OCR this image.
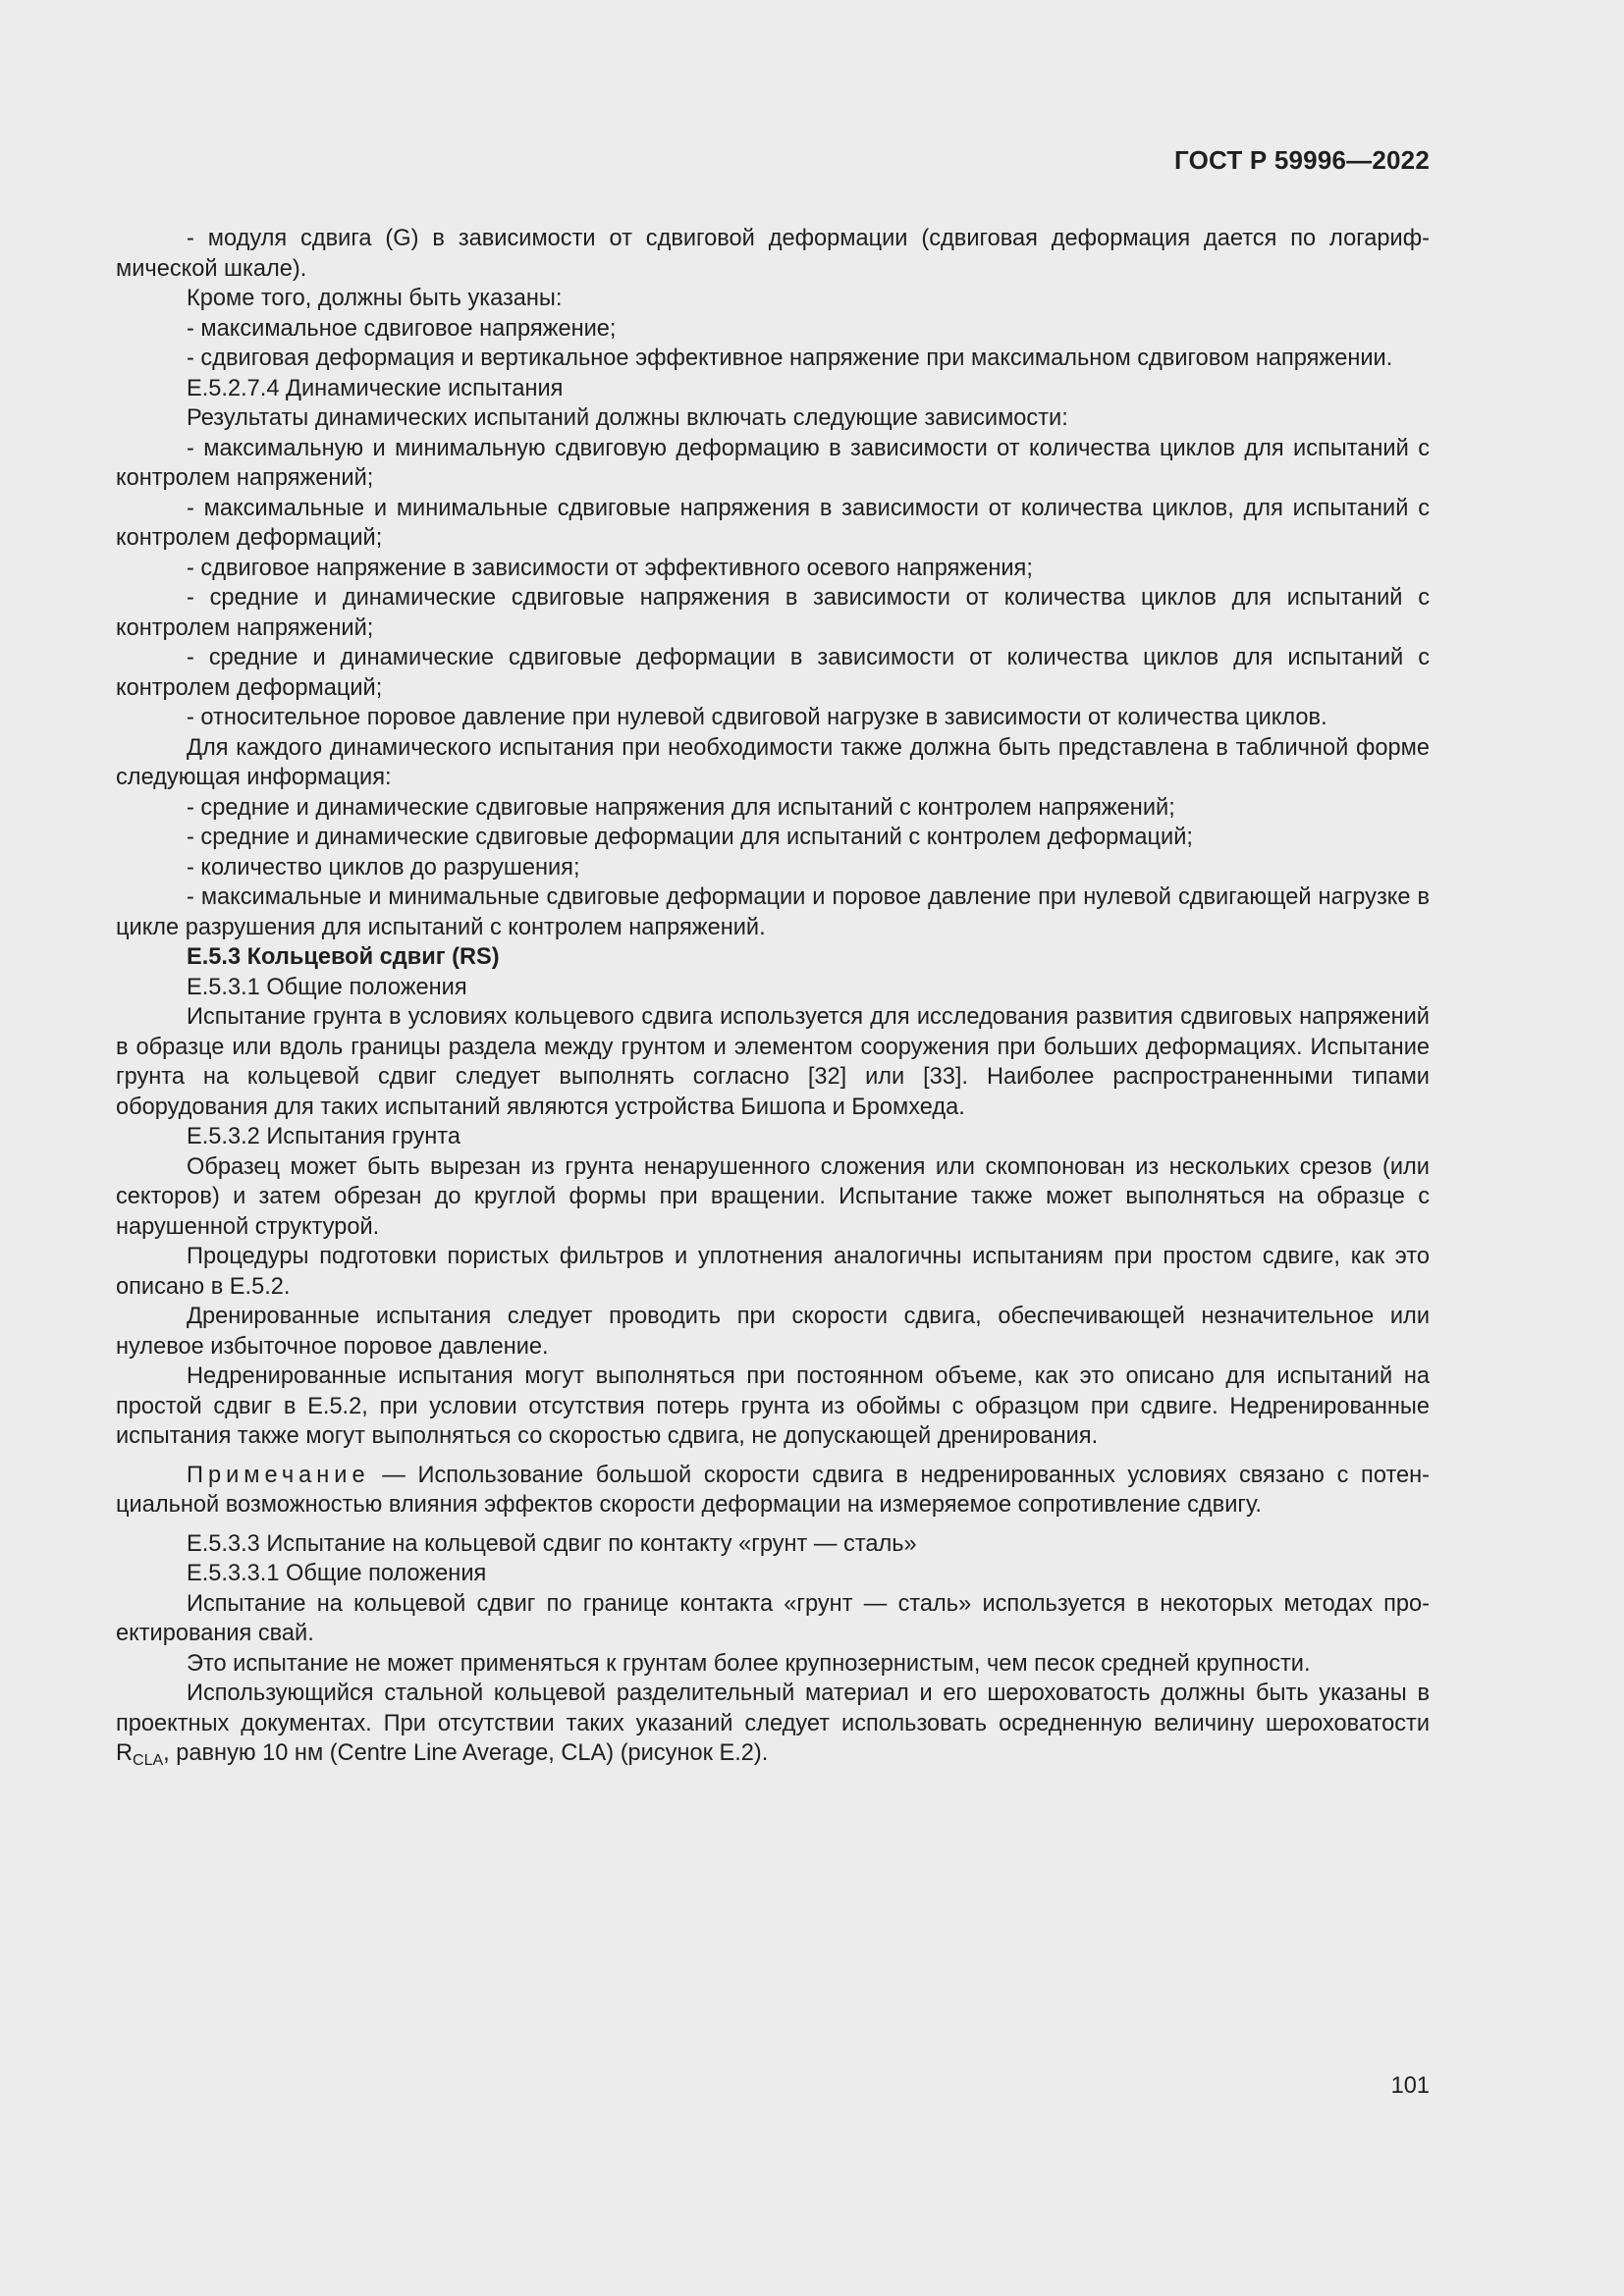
ГОСТ Р 59996—2022

- модуля сдвига (G) в зависимости от сдвиговой деформации (сдвиговая деформация дается по логарифмической шкале).

Кроме того, должны быть указаны:

- максимальное сдвиговое напряжение;

- сдвиговая деформация и вертикальное эффективное напряжение при максимальном сдвиговом напряжении.

Е.5.2.7.4 Динамические испытания

Результаты динамических испытаний должны включать следующие зависимости:

- максимальную и минимальную сдвиговую деформацию в зависимости от количества циклов для испытаний с контролем напряжений;

- максимальные и минимальные сдвиговые напряжения в зависимости от количества циклов, для испытаний с контролем деформаций;

- сдвиговое напряжение в зависимости от эффективного осевого напряжения;

- средние и динамические сдвиговые напряжения в зависимости от количества циклов для испытаний с контролем напряжений;

- средние и динамические сдвиговые деформации в зависимости от количества циклов для испытаний с контролем деформаций;

- относительное поровое давление при нулевой сдвиговой нагрузке в зависимости от количества циклов.

Для каждого динамического испытания при необходимости также должна быть представлена в табличной форме следующая информация:

- средние и динамические сдвиговые напряжения для испытаний с контролем напряжений;

- средние и динамические сдвиговые деформации для испытаний с контролем деформаций;

- количество циклов до разрушения;

- максимальные и минимальные сдвиговые деформации и поровое давление при нулевой сдвигающей нагрузке в цикле разрушения для испытаний с контролем напряжений.

Е.5.3 Кольцевой сдвиг (RS)

Е.5.3.1 Общие положения

Испытание грунта в условиях кольцевого сдвига используется для исследования развития сдвиговых напряжений в образце или вдоль границы раздела между грунтом и элементом сооружения при больших деформациях. Испытание грунта на кольцевой сдвиг следует выполнять согласно [32] или [33]. Наиболее распространенными типами оборудования для таких испытаний являются устройства Бишопа и Бромхеда.

Е.5.3.2 Испытания грунта

Образец может быть вырезан из грунта ненарушенного сложения или скомпонован из нескольких срезов (или секторов) и затем обрезан до круглой формы при вращении. Испытание также может выполняться на образце с нарушенной структурой.

Процедуры подготовки пористых фильтров и уплотнения аналогичны испытаниям при простом сдвиге, как это описано в Е.5.2.

Дренированные испытания следует проводить при скорости сдвига, обеспечивающей незначительное или нулевое избыточное поровое давление.

Недренированные испытания могут выполняться при постоянном объеме, как это описано для испытаний на простой сдвиг в Е.5.2, при условии отсутствия потерь грунта из обоймы с образцом при сдвиге. Недренированные испытания также могут выполняться со скоростью сдвига, не допускающей дренирования.

Примечание — Использование большой скорости сдвига в недренированных условиях связано с потенциальной возможностью влияния эффектов скорости деформации на измеряемое сопротивление сдвигу.

Е.5.3.3 Испытание на кольцевой сдвиг по контакту «грунт — сталь»

Е.5.3.3.1 Общие положения

Испытание на кольцевой сдвиг по границе контакта «грунт — сталь» используется в некоторых методах проектирования свай.

Это испытание не может применяться к грунтам более крупнозернистым, чем песок средней крупности.

Использующийся стальной кольцевой разделительный материал и его шероховатость должны быть указаны в проектных документах. При отсутствии таких указаний следует использовать осредненную величину шероховатости $R_{CLA}$, равную 10 нм (Centre Line Average, CLA) (рисунок Е.2).

101
